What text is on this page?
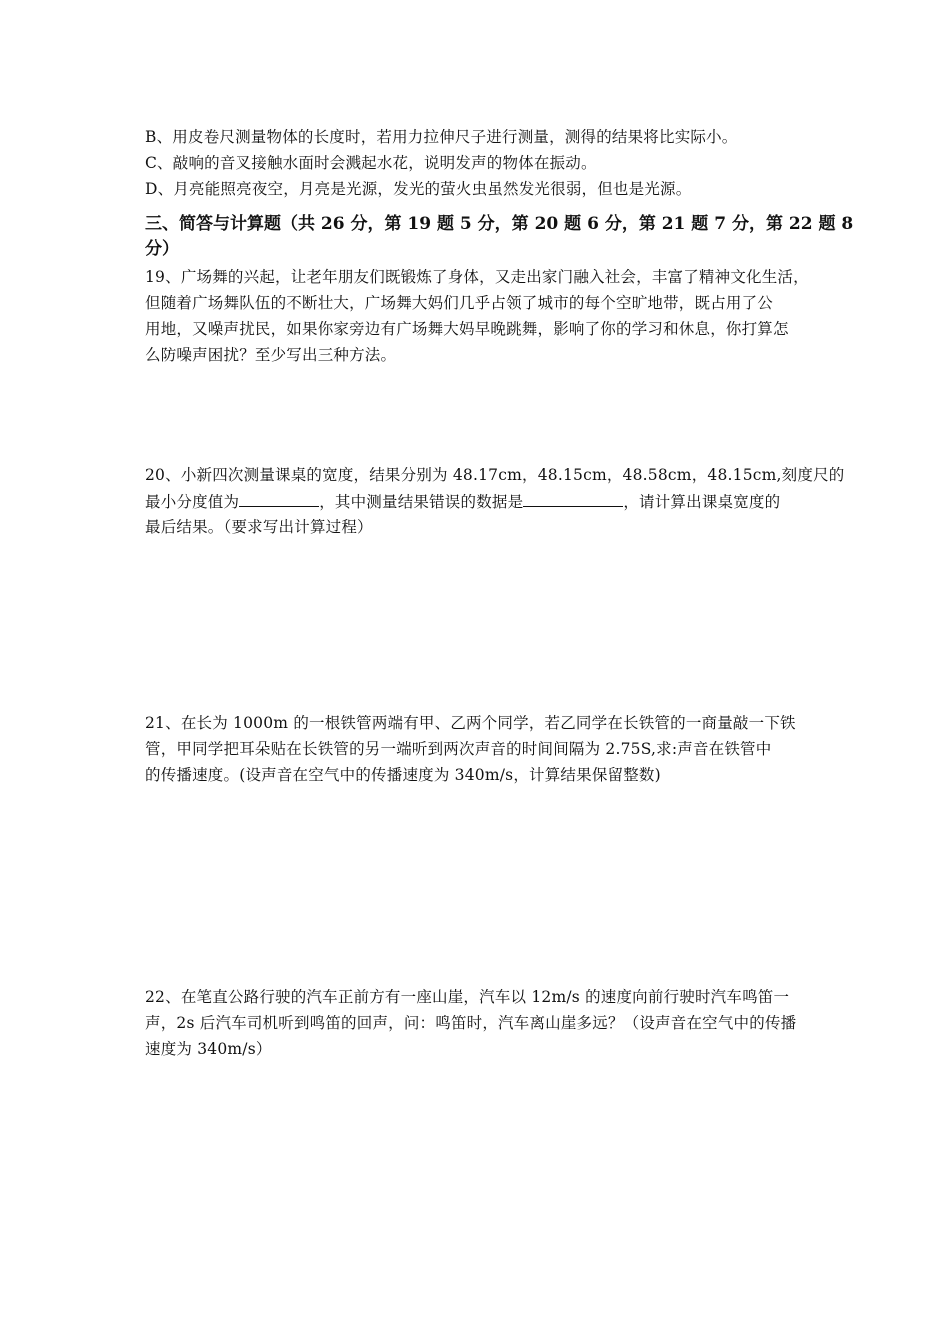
B、用皮卷尺测量物体的长度时，若用力拉伸尺子进行测量，测得的结果将比实际小。
C、敲响的音叉接触水面时会溅起水花，说明发声的物体在振动。
D、月亮能照亮夜空，月亮是光源，发光的萤火虫虽然发光很弱，但也是光源。
三、简答与计算题（共 26 分，第 19 题 5 分，第 20 题 6 分，第 21 题 7 分，第 22 题 8
分）
19、广场舞的兴起，让老年朋友们既锻炼了身体，又走出家门融入社会，丰富了精神文化生活，
但随着广场舞队伍的不断壮大，广场舞大妈们几乎占领了城市的每个空旷地带，既占用了公
用地，又噪声扰民，如果你家旁边有广场舞大妈早晚跳舞，影响了你的学习和休息，你打算怎
么防噪声困扰？至少写出三种方法。
20、小新四次测量课桌的宽度，结果分别为 48.17cm，48.15cm，48.58cm，48.15cm,刻度尺的
最小分度值为	，其中测量结果错误的数据是	，请计算出课桌宽度的
最后结果。（要求写出计算过程）
21、在长为 1000m 的一根铁管两端有甲、乙两个同学，若乙同学在长铁管的一商量敲一下铁
管，甲同学把耳朵贴在长铁管的另一端听到两次声音的时间间隔为 2.75S,求:声音在铁管中
的传播速度。(设声音在空气中的传播速度为 340m/s，计算结果保留整数)
22、在笔直公路行驶的汽车正前方有一座山崖，汽车以 12m/s 的速度向前行驶时汽车鸣笛一
声，2s 后汽车司机听到鸣笛的回声，问：鸣笛时，汽车离山崖多远？（设声音在空气中的传播
速度为 340m/s）
